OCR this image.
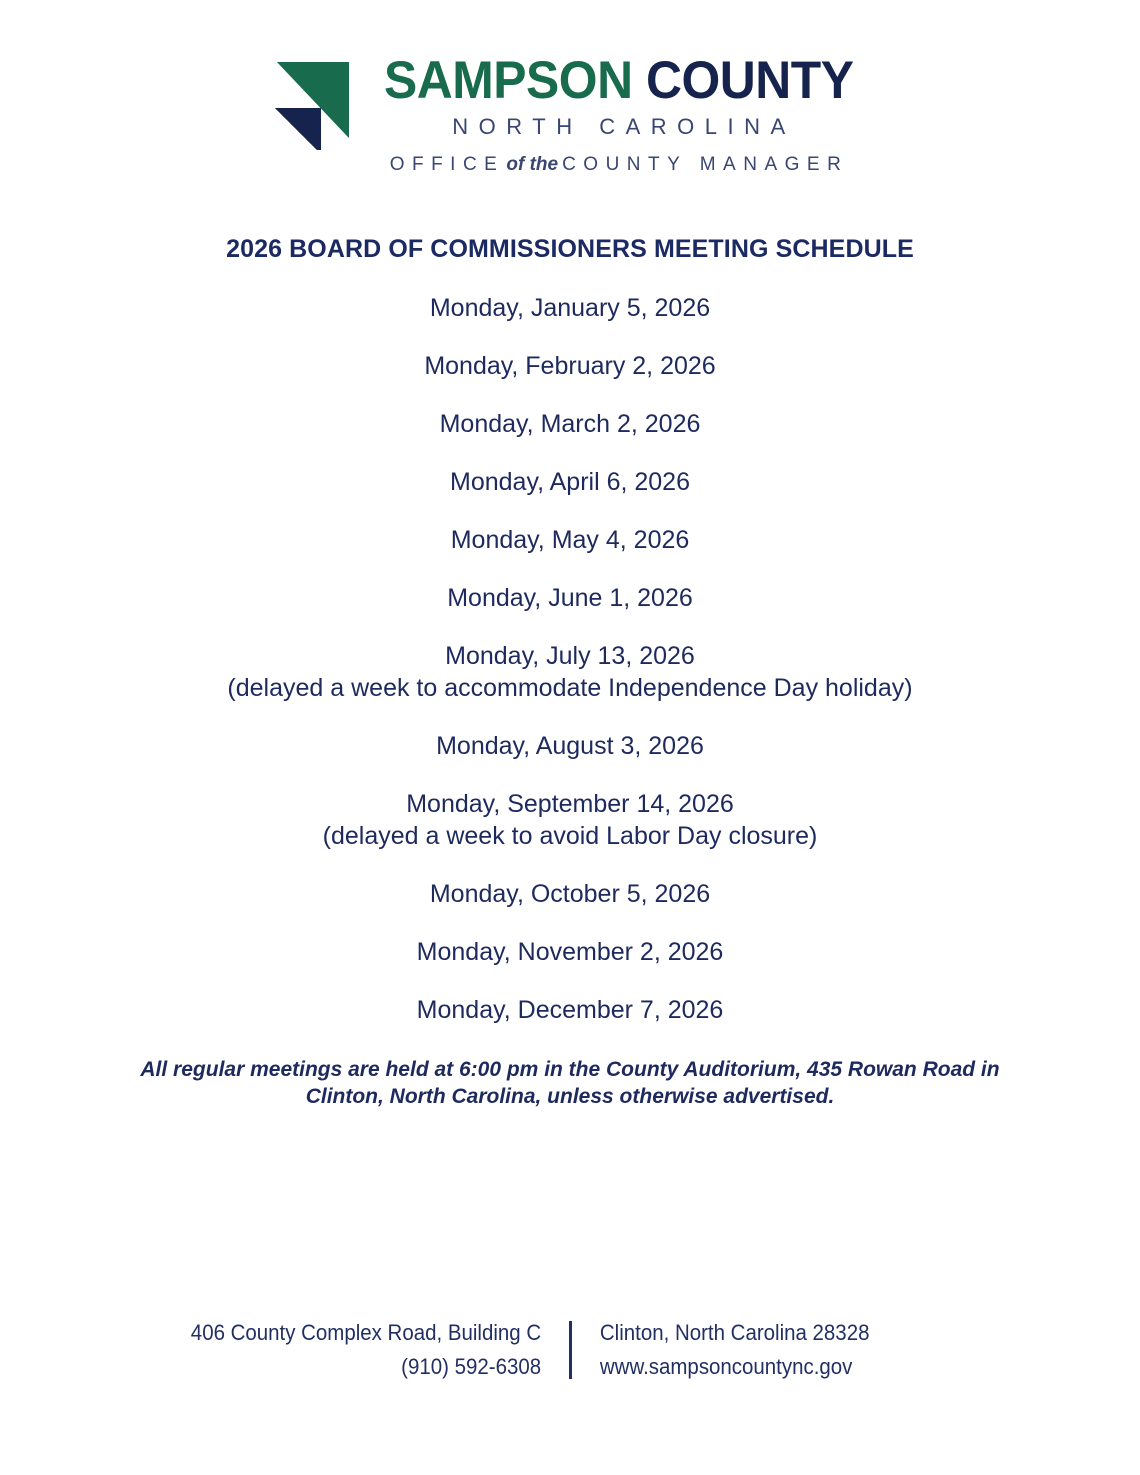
SAMPSON COUNTY
NORTH CAROLINA
OFFICE of the COUNTY MANAGER
2026 BOARD OF COMMISSIONERS MEETING SCHEDULE
Monday, January 5, 2026
Monday, February 2, 2026
Monday, March 2, 2026
Monday, April 6, 2026
Monday, May 4, 2026
Monday, June 1, 2026
Monday, July 13, 2026
(delayed a week to accommodate Independence Day holiday)
Monday, August 3, 2026
Monday, September 14, 2026
(delayed a week to avoid Labor Day closure)
Monday, October 5, 2026
Monday, November 2, 2026
Monday, December 7, 2026

All regular meetings are held at 6:00 pm in the County Auditorium, 435 Rowan Road in Clinton, North Carolina, unless otherwise advertised.

406 County Complex Road, Building C
(910) 592-6308
Clinton, North Carolina 28328
www.sampsoncountync.gov
